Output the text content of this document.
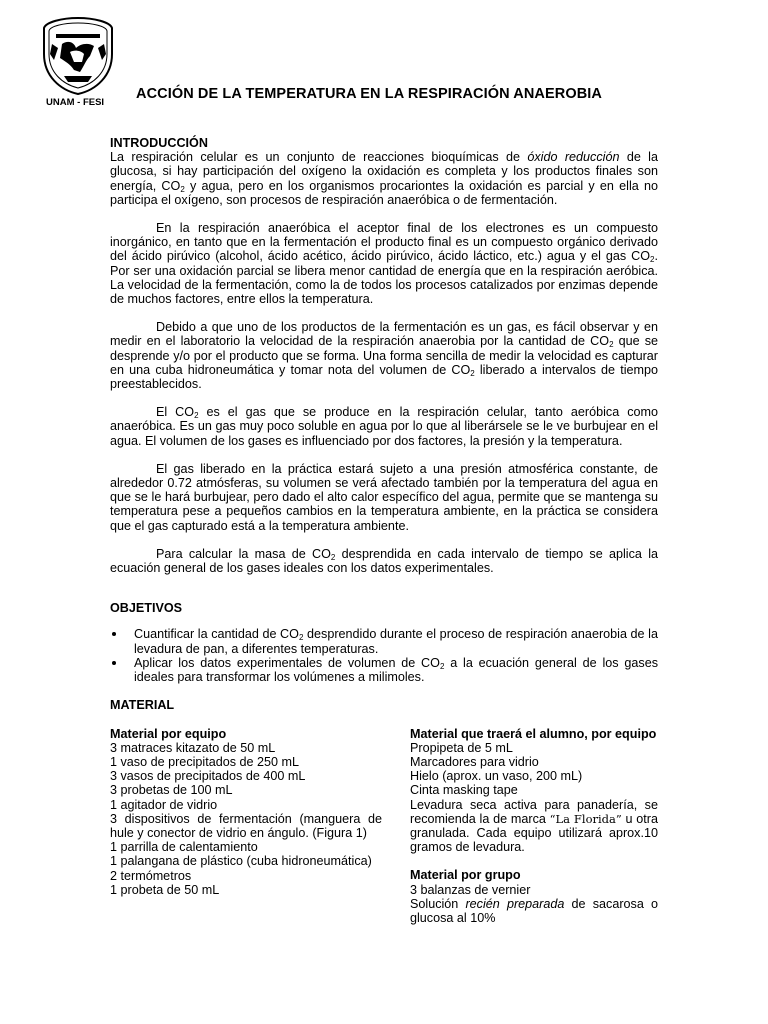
UNAM - FESI
ACCIÓN DE LA TEMPERATURA EN LA RESPIRACIÓN ANAEROBIA

INTRODUCCIÓN

La respiración celular es un conjunto de reacciones bioquímicas de óxido reducción de la glucosa, si hay participación del oxígeno la oxidación es completa y los productos finales son energía, $CO_2$ y agua, pero en los organismos procariontes la oxidación es parcial y en ella no participa el oxígeno, son procesos de respiración anaeróbica o de fermentación.

En la respiración anaeróbica el aceptor final de los electrones es un compuesto inorgánico, en tanto que en la fermentación el producto final es un compuesto orgánico derivado del ácido pirúvico (alcohol, ácido acético, ácido pirúvico, ácido láctico, etc.) agua y el gas $CO_2$. Por ser una oxidación parcial se libera menor cantidad de energía que en la respiración aeróbica. La velocidad de la fermentación, como la de todos los procesos catalizados por enzimas depende de muchos factores, entre ellos la temperatura.

Debido a que uno de los productos de la fermentación es un gas, es fácil observar y en medir en el laboratorio la velocidad de la respiración anaerobia por la cantidad de $CO_2$ que se desprende y/o por el producto que se forma. Una forma sencilla de medir la velocidad es capturar en una cuba hidroneumática y tomar nota del volumen de $CO_2$ liberado a intervalos de tiempo preestablecidos.

El $CO_2$ es el gas que se produce en la respiración celular, tanto aeróbica como anaeróbica. Es un gas muy poco soluble en agua por lo que al liberársele se le ve burbujear en el agua. El volumen de los gases es influenciado por dos factores, la presión y la temperatura.

El gas liberado en la práctica estará sujeto a una presión atmosférica constante, de alrededor 0.72 atmósferas, su volumen se verá afectado también por la temperatura del agua en que se le hará burbujear, pero dado el alto calor específico del agua, permite que se mantenga su temperatura pese a pequeños cambios en la temperatura ambiente, en la práctica se considera que el gas capturado está a la temperatura ambiente.

Para calcular la masa de $CO_2$ desprendida en cada intervalo de tiempo se aplica la ecuación general de los gases ideales con los datos experimentales.

OBJETIVOS

Cuantificar la cantidad de $CO_2$ desprendido durante el proceso de respiración anaerobia de la levadura de pan, a diferentes temperaturas.
Aplicar los datos experimentales de volumen de $CO_2$ a la ecuación general de los gases ideales para transformar los volúmenes a milimoles.

MATERIAL

Material por equipo

3 matraces kitazato de 50 mL

1 vaso de precipitados de 250 mL

3 vasos de precipitados de 400 mL

3 probetas de 100 mL

1 agitador de vidrio

3 dispositivos de fermentación (manguera de hule y conector de vidrio en ángulo. (Figura 1)

1 parrilla de calentamiento

1 palangana de plástico (cuba hidroneumática)

2 termómetros

1 probeta de 50 mL

Material que traerá el alumno, por equipo

Propipeta de 5 mL

Marcadores para vidrio

Hielo (aprox. un vaso, 200 mL)

Cinta masking tape

Levadura seca activa para panadería, se recomienda la de marca “La Florida” u otra granulada. Cada equipo utilizará aprox.10 gramos de levadura.

Material por grupo

3 balanzas de vernier

Solución recién preparada de sacarosa o glucosa al 10%
